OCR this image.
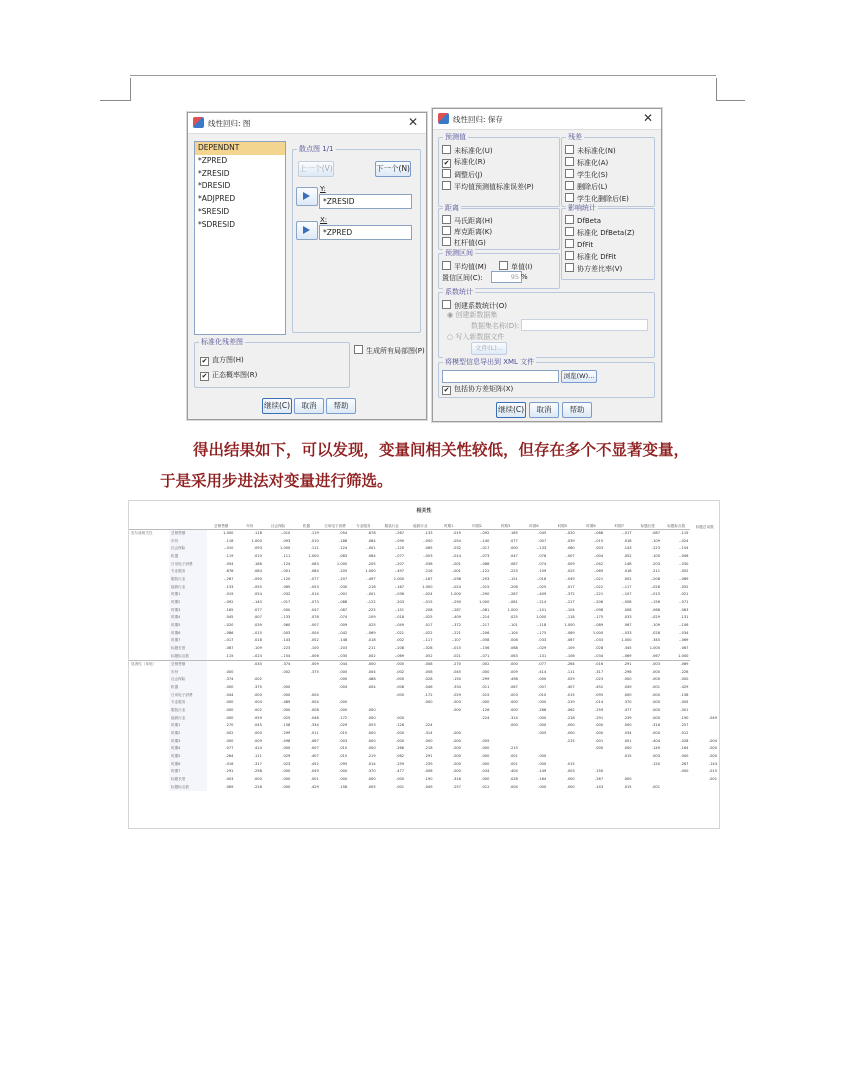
线性回归: 图	✕
DEPENDNT
*ZPRED
*ZRESID
*DRESID
*ADJPRED
*SRESID
*SDRESID
散点图 1/1
上一个(V)	下一个(N)
Y:
*ZRESID
X:
*ZPRED
标准化残差图
✔ 直方图(H)
✔ 正态概率图(R)
生成所有局部图(P)
继续(C)	取消	帮助
线性回归: 保存	✕
预测值
未标准化(U)
✔ 标准化(R)
调整后(J)
平均值预测值标准误差(P)
残差
未标准化(N)
标准化(A)
学生化(S)
删除后(L)
学生化删除后(E)
距离
马氏距离(H)
库克距离(K)
杠杆值(G)
影响统计
DfBeta
标准化 DfBeta(Z)
DfFit
标准化 DfFit
协方差比率(V)
预测区间
平均值(M)	单值(I)
置信区间(C):	95 %
系数统计
创建系数统计(O)
◉ 创建新数据集
数据集名称(D):
○ 写入新数据文件
文件(L)...
将模型信息导出到 XML 文件
浏览(W)...
✔ 包括协方差矩阵(X)
继续(C)	取消	帮助
得出结果如下，可以发现，变量间相关性较低，但存在多个不显著变量，
于是采用步进法对变量进行筛选。
相关性
		总销售额	年份	社会保险	机器	日用电子消费	专业服务	服装行业	能源行业	时期1	时期2	时期3	时期4	时期5	时期6	时期7	标题长度	标题标点数	标题总词数
皮尔逊相关性	总销售额	1.000	.118	-.010	.119	.054	.678	-.267	.133	.019	-.092	.165	.045	-.020	-.086	-.017	.087	.115	
	年份	.118	1.000	.093	.010	.186	.084	-.090	-.050	.054	-.140	.077	.007	.039	-.015	.018	.109	-.024	
	社会保险	-.010	.093	1.000	.111	.124	-.001	-.120	.065	.032	-.017	.000	-.133	.060	.003	.143	.223	-.154	
	机器	.119	.010	.111	1.000	.083	.084	-.077	-.053	-.014	-.073	.047	.078	-.007	-.004	.052	.100	-.006	
	日用电子消费	.054	.186	.124	.083	1.000	.205	-.207	.038	-.001	-.088	.087	.074	.009	-.042	.148	.203	-.030	
	专业服务	.678	.084	-.001	.084	.205	1.000	-.497	.216	-.001	-.122	.225	.109	.025	-.069	.018	.211	.002	
	服装行业	-.267	-.090	-.120	-.077	-.207	-.497	1.000	-.167	-.036	.203	-.151	-.018	-.049	-.021	.002	-.208	-.069	
	能源行业	.133	-.050	.065	-.053	.030	.218	-.167	1.000	-.024	-.015	.208	-.025	.017	-.022	-.117	-.028	.052	
	时期1	.019	.054	.032	-.014	-.001	-.001	-.036	-.024	1.000	-.290	-.287	-.409	-.372	-.221	-.107	-.015	.021	
	时期2	-.092	-.140	-.017	-.073	-.088	-.122	.203	-.015	-.290	1.000	-.081	-.214	-.217	-.206	-.058	-.156	-.071	
	时期3	.165	.077	.000	.047	.087	.225	-.151	.208	-.287	-.081	1.000	-.101	-.104	-.098	.008	.068	.063	
	时期4	.045	.007	-.133	.078	.074	.109	-.018	-.025	-.409	-.214	.025	1.000	-.118	-.175	.033	-.029	.131	
	时期5	-.020	.039	.060	-.007	.009	.025	-.049	.017	-.372	-.217	-.101	-.118	1.000	-.089	.067	.109	-.106	
	时期6	-.086	-.015	.003	-.004	-.042	-.069	-.021	-.022	-.221	-.206	-.104	-.175	-.069	1.000	-.033	.028	-.034	
	时期7	-.017	.018	.143	.052	.148	.018	.002	-.117	-.107	-.058	.008	.033	.067	-.033	1.000	.345	-.069	
	标题长度	.087	.109	.223	.100	.203	.211	-.208	-.028	-.015	-.156	.068	-.029	.109	.028	.345	1.000	.067	
	标题标点数	.115	-.024	-.154	-.006	-.030	.002	-.069	.052	.021	-.071	.063	.131	-.106	-.034	-.069	.067	1.000	
显著性（单尾）	总销售额		.030	.374	.009	.044	.000	.000	.008	.270	.002	.000	.077	.264	.016	.291	.003	.069	
	年份	.000		.002	.375	.000	.004	.002	.058	.045	.000	.009	.414	.111	.317	.298	.000	.226	
	社会保险	.374	.002			.000	.488	.000	.028	.150	.299	.498	.000	.029	.023	.000	.000	.000	
	机器	.000	.375	.000		.004	.004	.008	.046	.334	.011	.067	.007	.407	.452	.049	.001	.429	
	日用电子消费	.044	.000	.000	.004			.000	.172	.029	.015	.003	.010	.015	.095	.000	.000	.158	
	专业服务	.000	.004	.489	.004	.000			.000	.003	.000	.000	.000	.219	.014	.370	.000	.005	
	服装行业	.000	.002	.000	.008	.000	.000			.000	.126	.000	.266	.062	.259	.477	.000	.001	
	能源行业	.000	.059	.025	.046	.172	.000	.000			.224	.314	.000	.218	.291	.239	.000	.190	.049
	时期1	.270	.045	.158	.334	.029	.053	.126	.224			.000	.000	.000	.000	.000	.316	.257	
	时期2	.002	.000	.299	.011	.015	.000	.000	.314	.000			.005	.000	.000	.034	.000	.012	
	时期3	.000	.009	.498	.067	.003	.000	.000	.000	.000	.005			.215	.001	.001	.404	.028	.004
	时期4	.077	.414	.000	.007	.010	.000	.266	.218	.000	.000	.215			.000	.000	.149	.164	.000
	时期5	.264	.111	.029	.407	.015	.219	.062	.291	.000	.000	.001	.000			.015	.003	.000	.000
	时期6	.016	.317	.023	.452	.095	.014	.259	.239	.000	.000	.001	.000	.015			.150	.267	.143
	时期7	.291	.298	.000	.049	.000	.370	.477	.008	.000	.034	.404	.149	.003	.150			.000	.015
	标题长度	.003	.000	.000	.001	.000	.000	.000	.190	.316	.000	.028	.164	.000	.267	.000			.001
	标题标点数	.069	.226	.000	.429	.158	.005	.001	.049	.257	.012	.004	.000	.000	.143	.015	.001		
